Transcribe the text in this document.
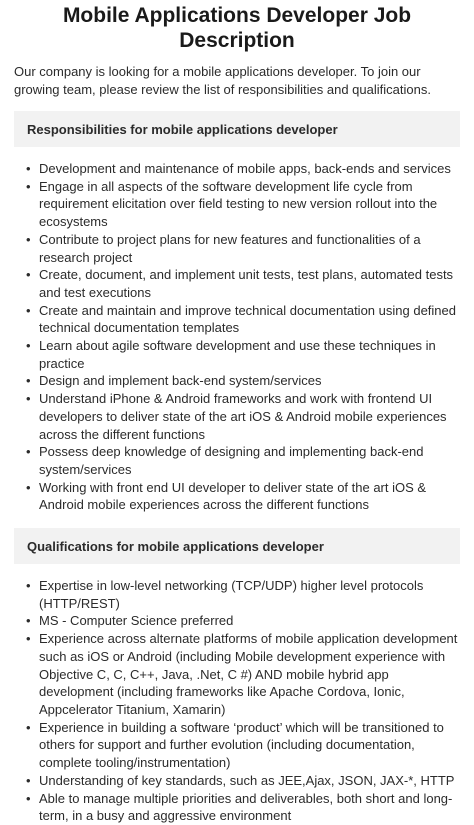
Mobile Applications Developer Job Description

Our company is looking for a mobile applications developer. To join our growing team, please review the list of responsibilities and qualifications.

Responsibilities for mobile applications developer
• Development and maintenance of mobile apps, back-ends and services
• Engage in all aspects of the software development life cycle from requirement elicitation over field testing to new version rollout into the ecosystems
• Contribute to project plans for new features and functionalities of a research project
• Create, document, and implement unit tests, test plans, automated tests and test executions
• Create and maintain and improve technical documentation using defined technical documentation templates
• Learn about agile software development and use these techniques in practice
• Design and implement back-end system/services
• Understand iPhone & Android frameworks and work with frontend UI developers to deliver state of the art iOS & Android mobile experiences across the different functions
• Possess deep knowledge of designing and implementing back-end system/services
• Working with front end UI developer to deliver state of the art iOS & Android mobile experiences across the different functions
Qualifications for mobile applications developer
• Expertise in low-level networking (TCP/UDP) higher level protocols (HTTP/REST)
• MS - Computer Science preferred
• Experience across alternate platforms of mobile application development such as iOS or Android (including Mobile development experience with Objective C, C, C++, Java, .Net, C #) AND mobile hybrid app development (including frameworks like Apache Cordova, Ionic, Appcelerator Titanium, Xamarin)
• Experience in building a software ‘product’ which will be transitioned to others for support and further evolution (including documentation, complete tooling/instrumentation)
• Understanding of key standards, such as JEE,Ajax, JSON, JAX-*, HTTP
• Able to manage multiple priorities and deliverables, both short and long-term, in a busy and aggressive environment
